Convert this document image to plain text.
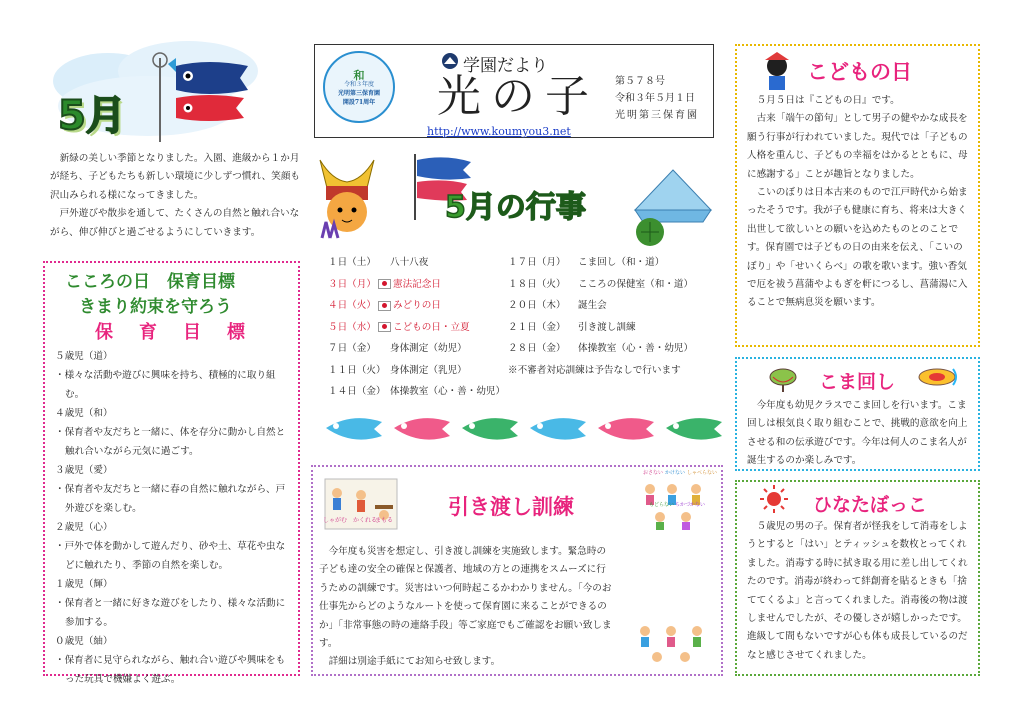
5月
和
令和３年度
光明第三保育園
開設71周年
学園だより
光の子 第５７８号
令和３年５月１日
光明第三保育園
http://www.koumyou3.net

新緑の美しい季節となりました。入園、進級から１か月が経ち、子どもたちも新しい環境に少しずつ慣れ、笑顔も沢山みられる様になってきました。

戸外遊びや散歩を通して、たくさんの自然と触れ合いながら、伸び伸びと過ごせるようにしていきます。

こころの日　保育目標
きまり約束を守ろう
保　育　目　標

５歳児（道）

・様々な活動や遊びに興味を持ち、積極的に取り組む。

４歳児（和）

・保育者や友だちと一緒に、体を存分に動かし自然と触れ合いながら元気に過ごす。

３歳児（愛）

・保育者や友だちと一緒に春の自然に触れながら、戸外遊びを楽しむ。

２歳児（心）

・戸外で体を動かして遊んだり、砂や土、草花や虫などに触れたり、季節の自然を楽しむ。

１歳児（輝）

・保育者と一緒に好きな遊びをしたり、様々な活動に参加する。

０歳児（紬）

・保育者に見守られながら、触れ合い遊びや興味をもった玩具で機嫌よく遊ぶ。

5月の行事
１日（土） 八十八夜
３日（月） 憲法記念日
４日（火） みどりの日
５日（水） こどもの日・立夏
７日（金） 身体測定（幼児）
１１日（火） 身体測定（乳児）
１４日（金） 体操教室（心・善・幼児）
１７日（月） こま回し（和・道）
１８日（火） こころの保健室（和・道）
２０日（木） 誕生会
２１日（金） 引き渡し訓練
２８日（金） 体操教室（心・善・幼児）
※不審者対応訓練は予告なしで行います
しゃがむ かくれる
まもる
引き渡し訓練
おさない かけない しゃべらない
もどらない ちかづかない

今年度も災害を想定し、引き渡し訓練を実施致します。緊急時の子ども達の安全の確保と保護者、地域の方との連携をスムーズに行うための訓練です。災害はいつ何時起こるかわかりません。「今のお仕事先からどのようなルートを使って保育園に来ることができるのか」「非常事態の時の連絡手段」等ご家庭でもご確認をお願い致します。

詳細は別途手紙にてお知らせ致します。

こどもの日

５月５日は『こどもの日』です。

古来「端午の節句」として男子の健やかな成長を願う行事が行われていました。現代では「子どもの人格を重んじ、子どもの幸福をはかるとともに、母に感謝する」ことが趣旨となりました。

こいのぼりは日本古来のもので江戸時代から始まったそうです。我が子も健康に育ち、将来は大きく出世して欲しいとの願いを込めたものとのことです。保育園では子どもの日の由来を伝え、「こいのぼり」や「せいくらべ」の歌を歌います。強い香気で厄を祓う菖蒲やよもぎを軒につるし、菖蒲湯に入ることで無病息災を願います。

こま回し
今年度も幼児クラスでこま回しを行います。こま回しは根気良く取り組むことで、挑戦的意欲を向上させる和の伝承遊びです。今年は何人のこま名人が誕生するのか楽しみです。
ひなたぼっこ
５歳児の男の子。保育者が怪我をして消毒をしようとすると「はい」とティッシュを数枚とってくれました。消毒する時に拭き取る用に差し出してくれたのです。消毒が終わって絆創膏を貼るときも「捨ててくるよ」と言ってくれました。消毒後の物は渡しませんでしたが、その優しさが嬉しかったです。進級して間もないですが心も体も成長しているのだなと感じさせてくれました。
